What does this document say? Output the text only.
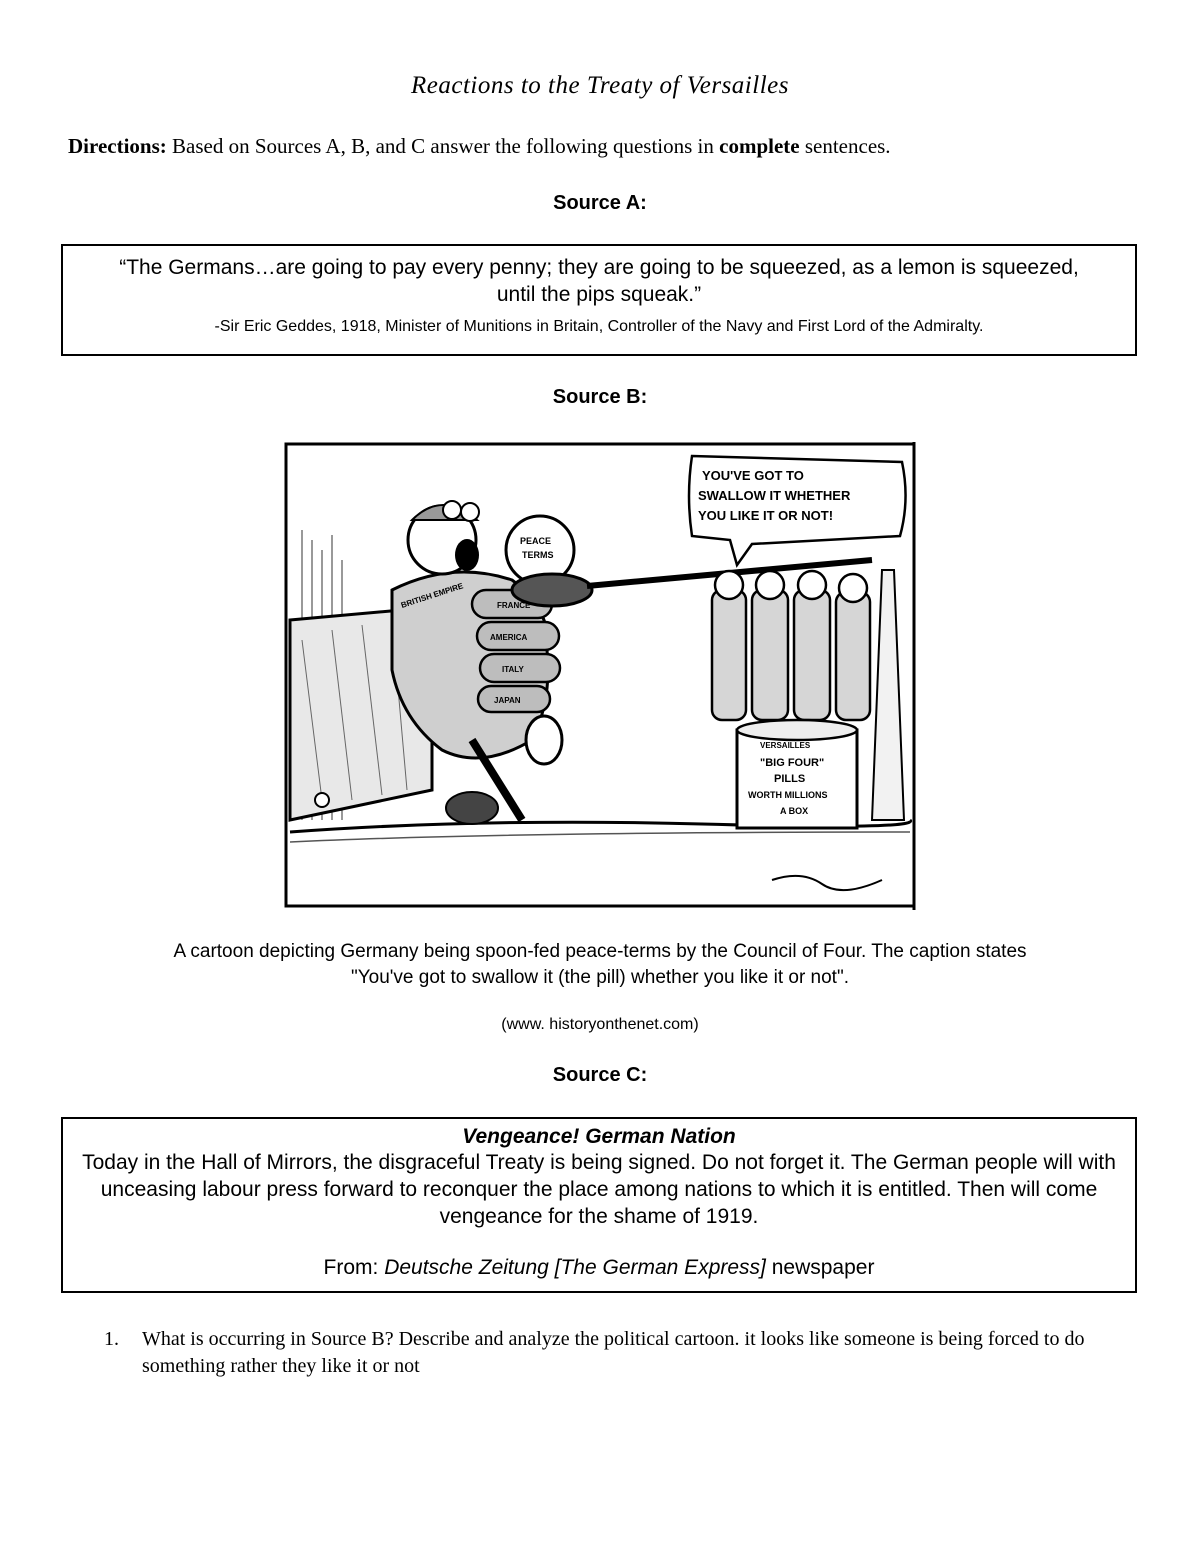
Reactions to the Treaty of Versailles
Directions: Based on Sources A, B, and C answer the following questions in complete sentences.
Source A:
“The Germans…are going to pay every penny; they are going to be squeezed, as a lemon is squeezed, until the pips squeak.”
-Sir Eric Geddes, 1918, Minister of Munitions in Britain, Controller of the Navy and First Lord of the Admiralty.
Source B:
YOU'VE GOT TO
SWALLOW IT WHETHER
YOU LIKE IT OR NOT!
PEACE
TERMS
BRITISH EMPIRE	FRANCE
AMERICA
ITALY
JAPAN
VERSAILLES
"BIG FOUR"
PILLS
WORTH MILLIONS
A BOX
A cartoon depicting Germany being spoon-fed peace-terms by the Council of Four. The caption states
"You've got to swallow it (the pill) whether you like it or not".
(www. historyonthenet.com)
Source C:
Vengeance! German Nation
Today in the Hall of Mirrors, the disgraceful Treaty is being signed. Do not forget it. The German people will with unceasing labour press forward to reconquer the place among nations to which it is entitled. Then will come vengeance for the shame of 1919.
From: Deutsche Zeitung [The German Express] newspaper
1. What is occurring in Source B? Describe and analyze the political cartoon. it looks like someone is being forced to do something rather they like it or not
